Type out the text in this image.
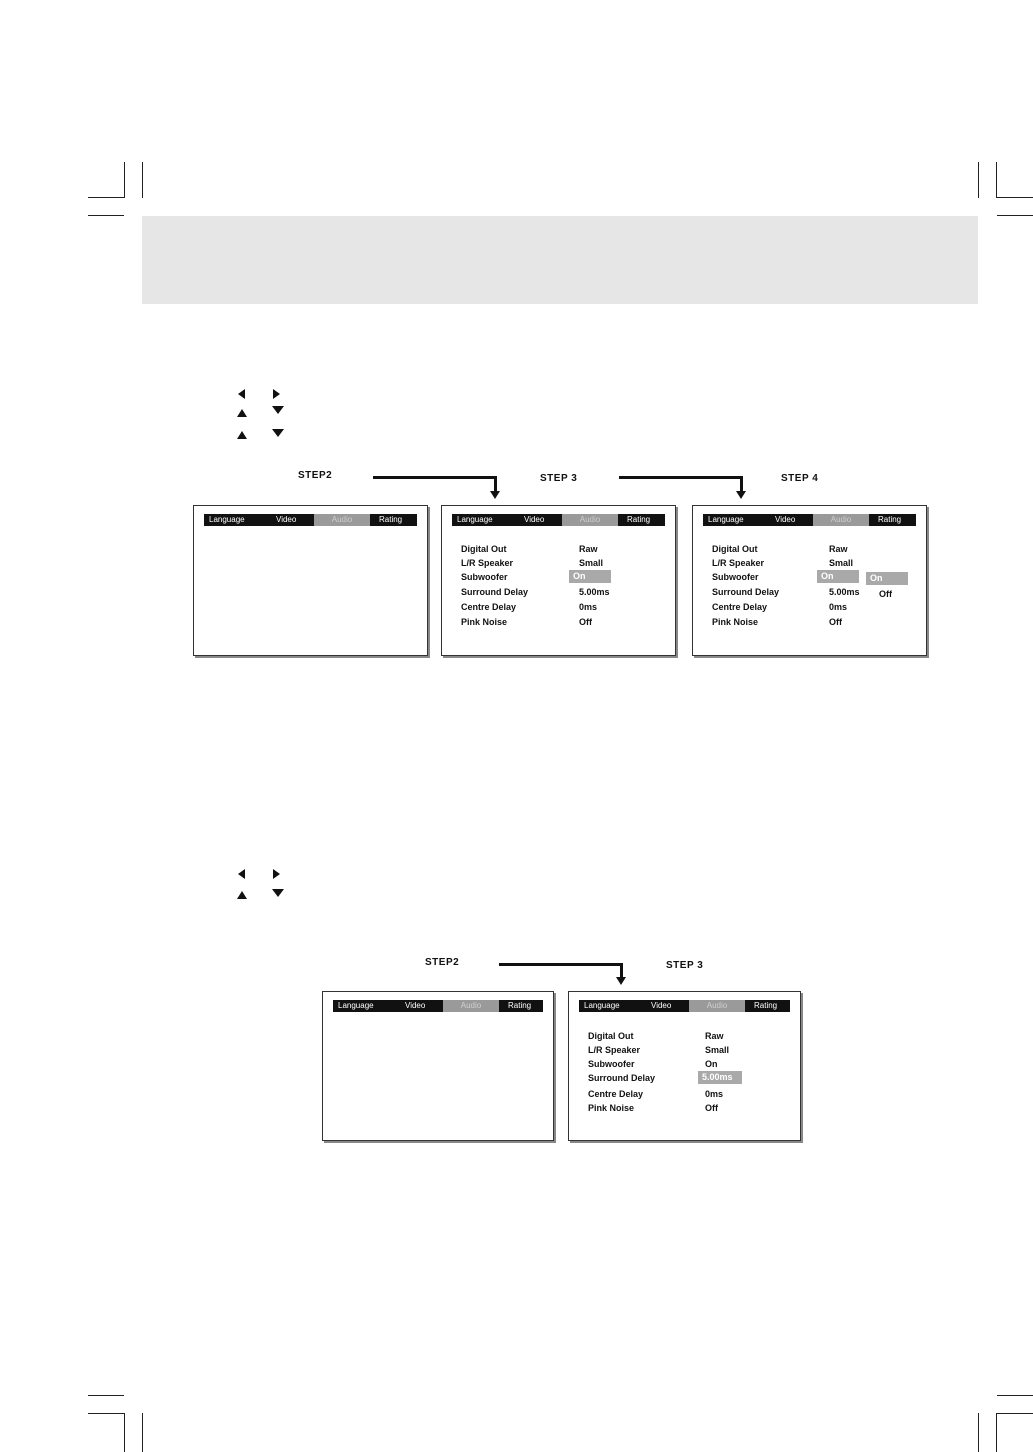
STEP2	STEP 3	STEP 4
Language	Video	Audio	Rating	Language	Video	Audio	Rating
Digital Out	Raw
L/R Speaker	Small
Subwoofer	On
Surround Delay	5.00ms
Centre Delay	0ms
Pink Noise	Off
Language	Video	Audio	Rating
Digital Out	Raw
L/R Speaker	Small
Subwoofer	On
Surround Delay	5.00ms
Centre Delay	0ms
Pink Noise	Off
On
Off
STEP2	STEP 3
Language	Video	Audio	Rating	Language	Video	Audio	Rating
Digital Out	Raw
L/R Speaker	Small
Subwoofer	On
Surround Delay	5.00ms
Centre Delay	0ms
Pink Noise	Off
